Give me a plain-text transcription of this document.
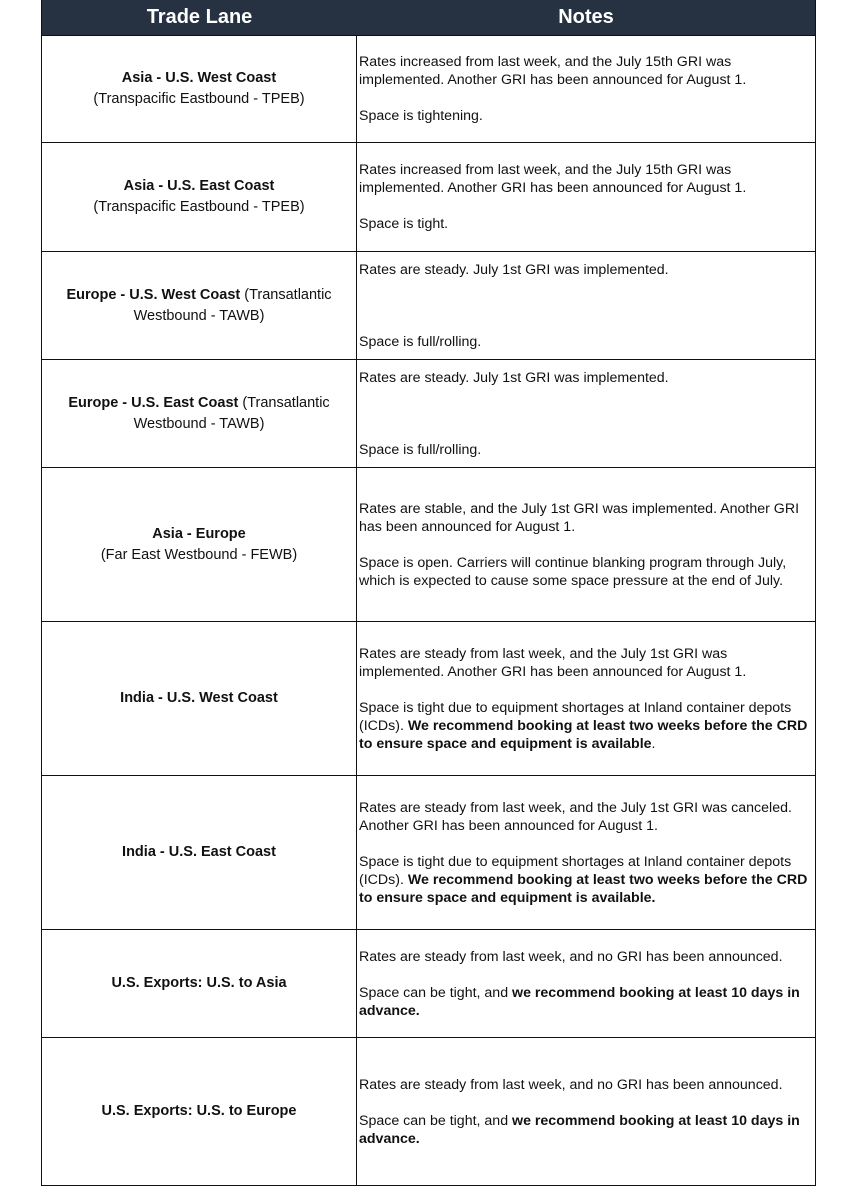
Trade Lane	Notes
Asia - U.S. West Coast
(Transpacific Eastbound - TPEB)

Rates increased from last week, and the July 15th GRI was implemented. Another GRI has been announced for August 1.

Space is tightening.

Asia - U.S. East Coast
(Transpacific Eastbound - TPEB)

Rates increased from last week, and the July 15th GRI was implemented. Another GRI has been announced for August 1.

Space is tight.

Europe - U.S. West Coast (Transatlantic Westbound - TAWB)

Rates are steady. July 1st GRI was implemented.

Space is full/rolling.

Europe - U.S. East Coast (Transatlantic Westbound - TAWB)

Rates are steady. July 1st GRI was implemented.

Space is full/rolling.

Asia - Europe
(Far East Westbound - FEWB)

Rates are stable, and the July 1st GRI was implemented. Another GRI has been announced for August 1.

Space is open. Carriers will continue blanking program through July, which is expected to cause some space pressure at the end of July.

India - U.S. West Coast

Rates are steady from last week, and the July 1st GRI was implemented. Another GRI has been announced for August 1.

Space is tight due to equipment shortages at Inland container depots (ICDs). We recommend booking at least two weeks before the CRD to ensure space and equipment is available.

India - U.S. East Coast

Rates are steady from last week, and the July 1st GRI was canceled. Another GRI has been announced for August 1.

Space is tight due to equipment shortages at Inland container depots (ICDs). We recommend booking at least two weeks before the CRD to ensure space and equipment is available.

U.S. Exports: U.S. to Asia

Rates are steady from last week, and no GRI has been announced.

Space can be tight, and we recommend booking at least 10 days in advance.

U.S. Exports: U.S. to Europe

Rates are steady from last week, and no GRI has been announced.

Space can be tight, and we recommend booking at least 10 days in advance.
